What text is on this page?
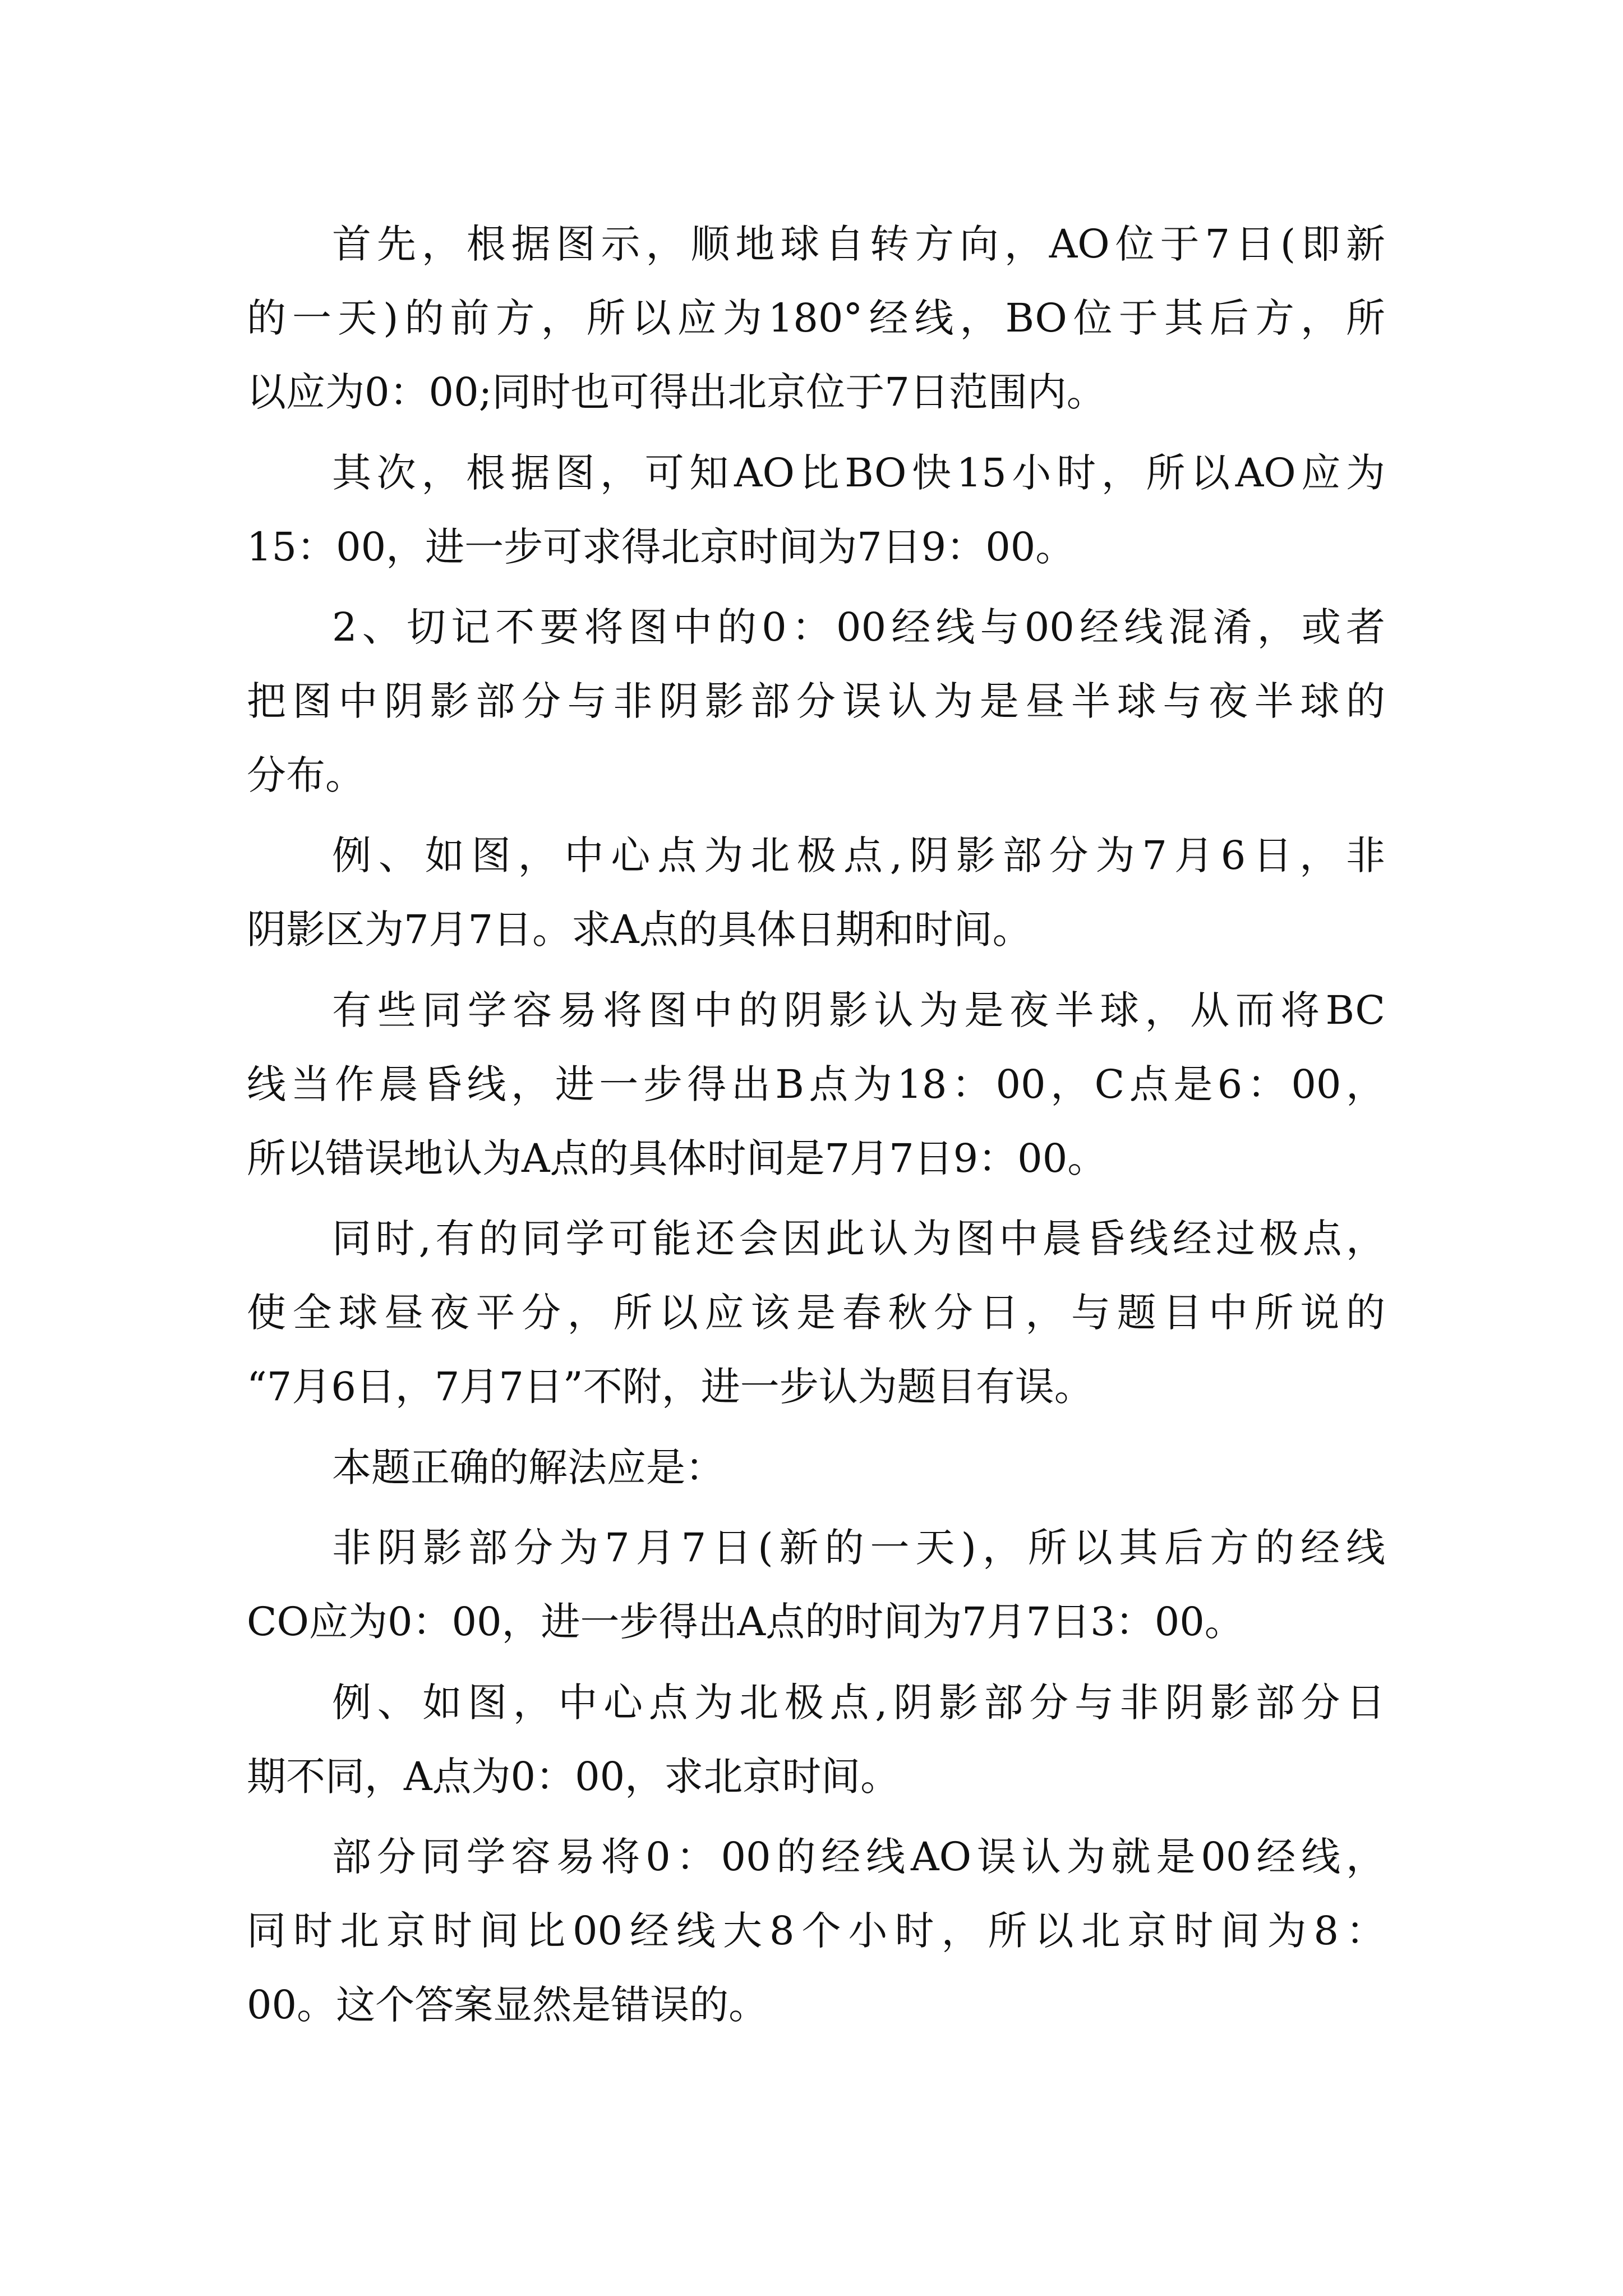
首先，根据图示，顺地球自转方向，AO位于7日(即新
的一天)的前方，所以应为180°经线，BO位于其后方，所
以应为0：00;同时也可得出北京位于7日范围内。
其次，根据图，可知AO比BO快15小时，所以AO应为
15：00，进一步可求得北京时间为7日9：00。
2、切记不要将图中的0：00经线与00经线混淆，或者
把图中阴影部分与非阴影部分误认为是昼半球与夜半球的
分布。
例、如图，中心点为北极点,阴影部分为7月6日，非
阴影区为7月7日。求A点的具体日期和时间。
有些同学容易将图中的阴影认为是夜半球，从而将BC
线当作晨昏线，进一步得出B点为18：00，C点是6：00，
所以错误地认为A点的具体时间是7月7日9：00。
同时,有的同学可能还会因此认为图中晨昏线经过极点，
使全球昼夜平分，所以应该是春秋分日，与题目中所说的
“7月6日，7月7日”不附，进一步认为题目有误。
本题正确的解法应是：
非阴影部分为7月7日(新的一天)，所以其后方的经线
CO应为0：00，进一步得出A点的时间为7月7日3：00。
例、如图，中心点为北极点,阴影部分与非阴影部分日
期不同，A点为0：00，求北京时间。
部分同学容易将0：00的经线AO误认为就是00经线，
同时北京时间比00经线大8个小时，所以北京时间为8：
00。这个答案显然是错误的。
